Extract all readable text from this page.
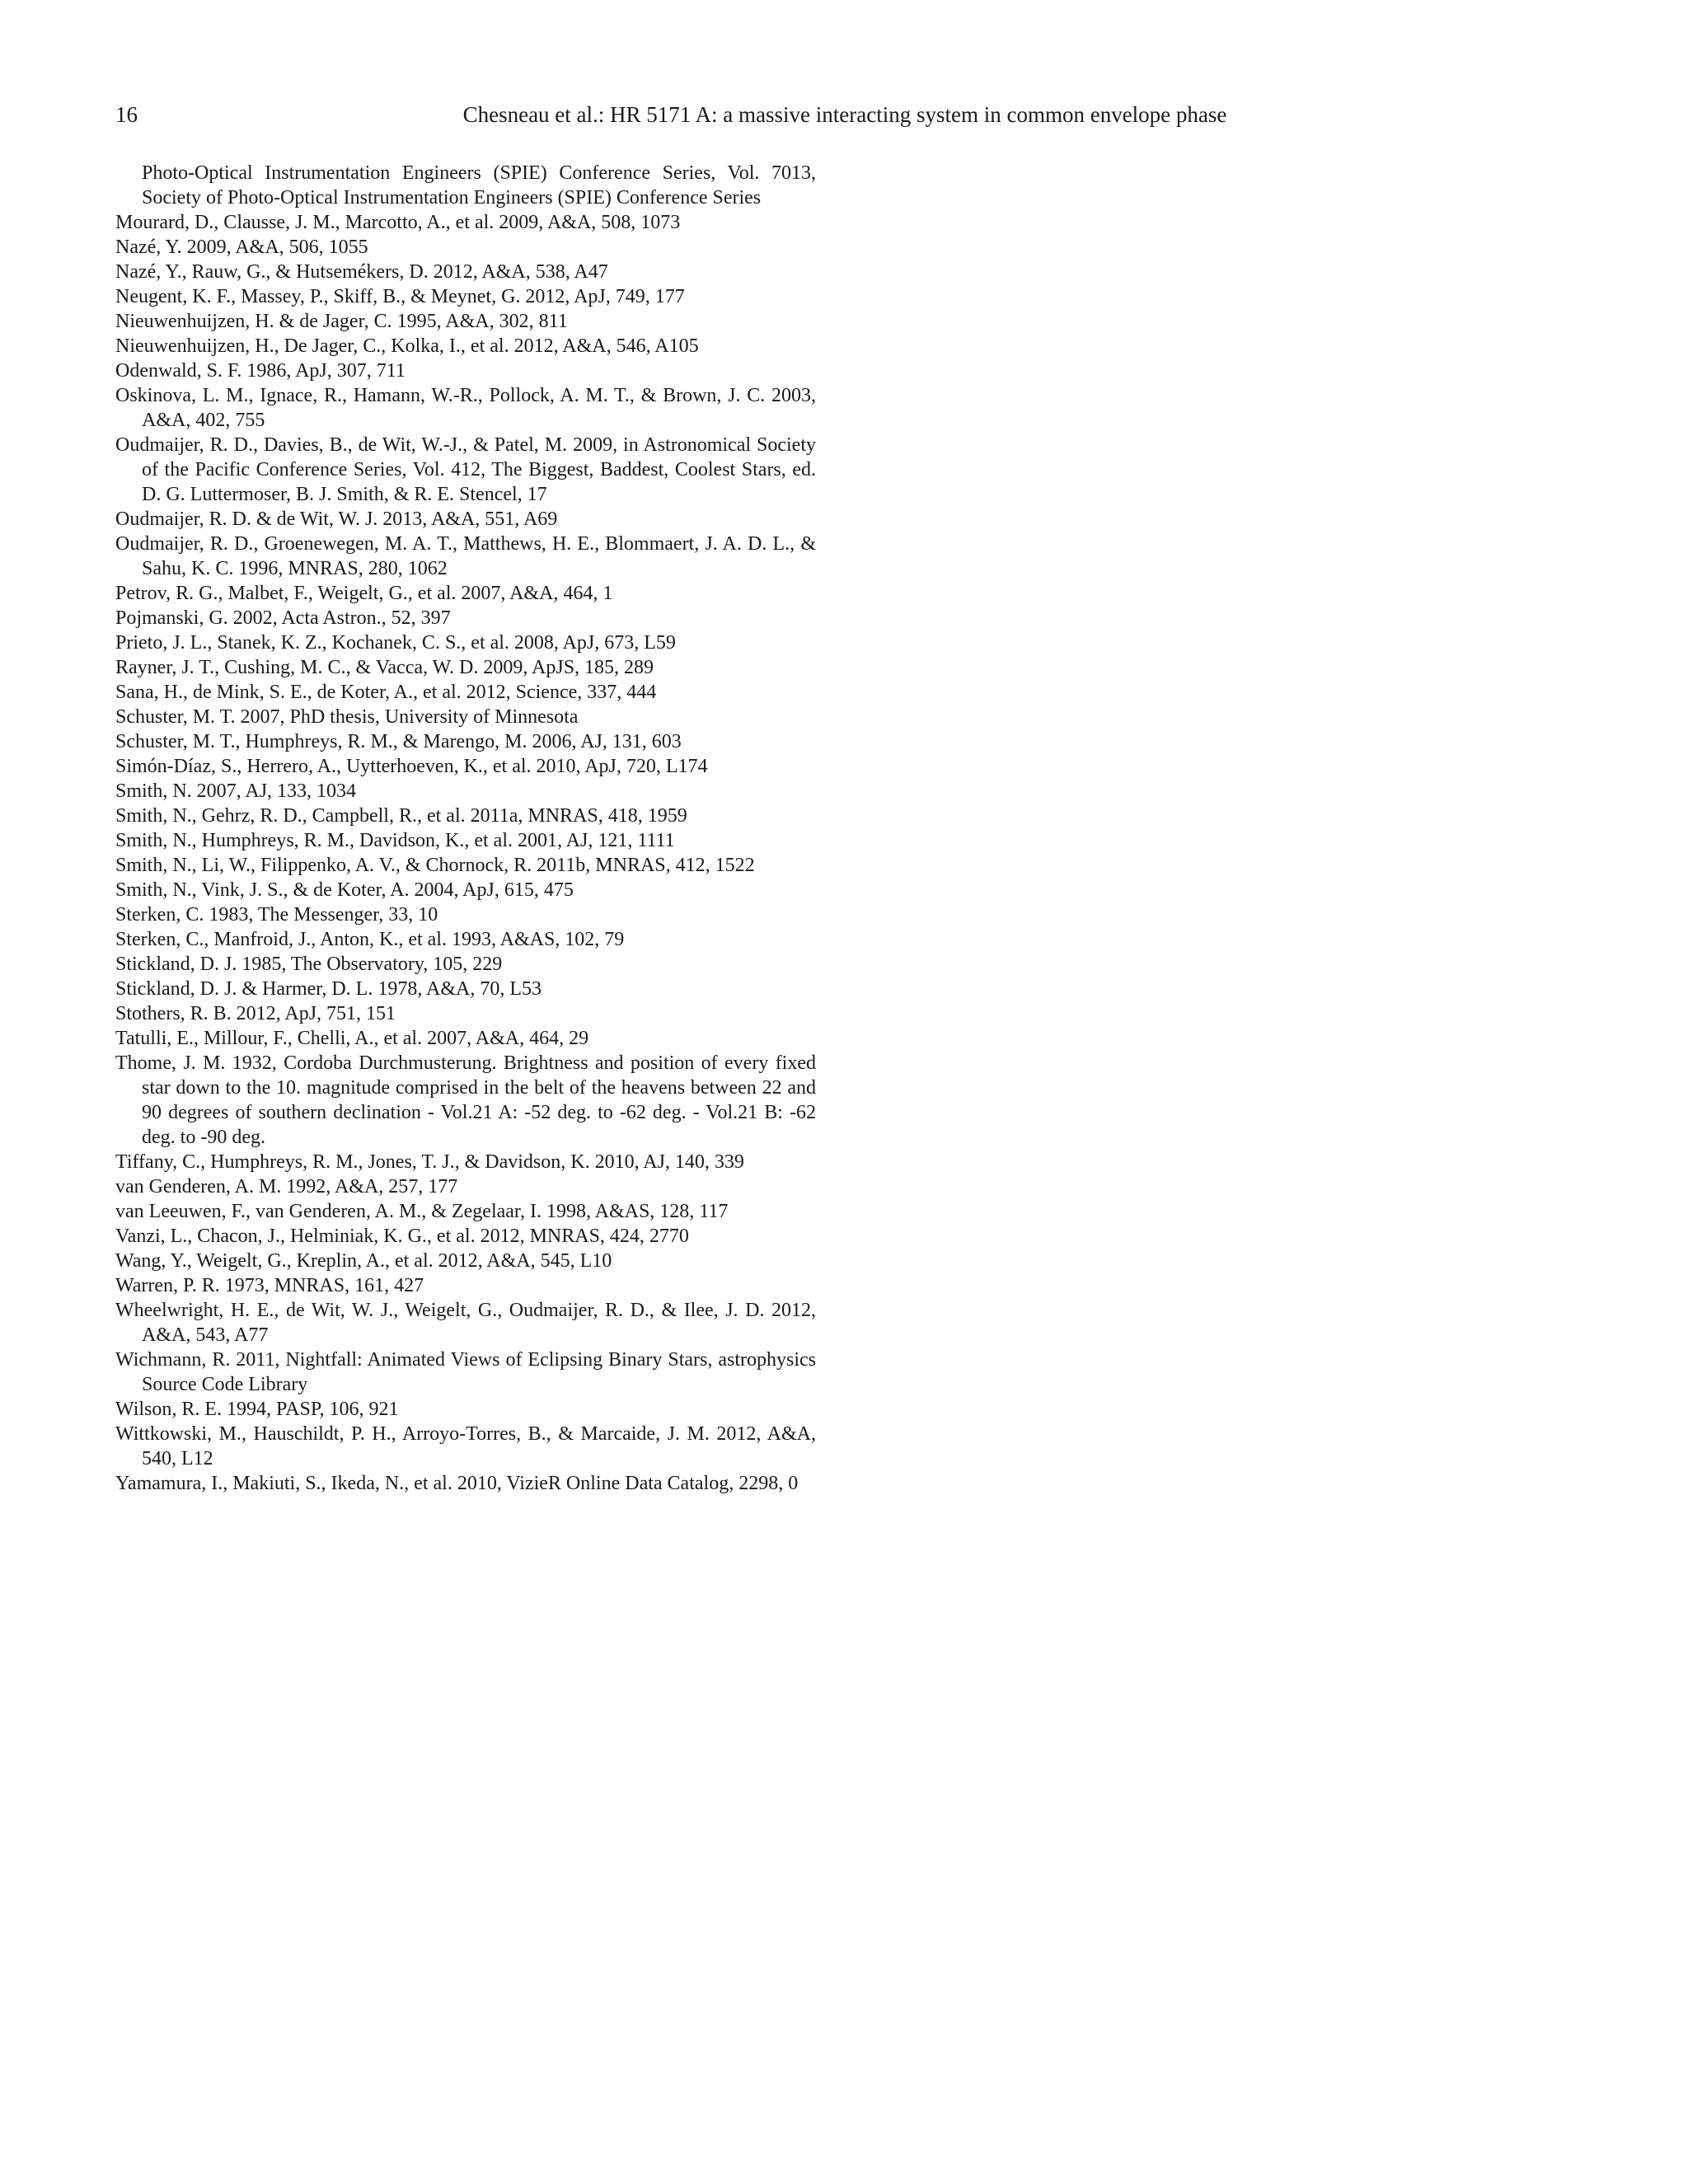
16	Chesneau et al.: HR 5171 A: a massive interacting system in common envelope phase
Photo-Optical Instrumentation Engineers (SPIE) Conference Series, Vol. 7013, Society of Photo-Optical Instrumentation Engineers (SPIE) Conference Series
Mourard, D., Clausse, J. M., Marcotto, A., et al. 2009, A&A, 508, 1073
Nazé, Y. 2009, A&A, 506, 1055
Nazé, Y., Rauw, G., & Hutsemékers, D. 2012, A&A, 538, A47
Neugent, K. F., Massey, P., Skiff, B., & Meynet, G. 2012, ApJ, 749, 177
Nieuwenhuijzen, H. & de Jager, C. 1995, A&A, 302, 811
Nieuwenhuijzen, H., De Jager, C., Kolka, I., et al. 2012, A&A, 546, A105
Odenwald, S. F. 1986, ApJ, 307, 711
Oskinova, L. M., Ignace, R., Hamann, W.-R., Pollock, A. M. T., & Brown, J. C. 2003, A&A, 402, 755
Oudmaijer, R. D., Davies, B., de Wit, W.-J., & Patel, M. 2009, in Astronomical Society of the Pacific Conference Series, Vol. 412, The Biggest, Baddest, Coolest Stars, ed. D. G. Luttermoser, B. J. Smith, & R. E. Stencel, 17
Oudmaijer, R. D. & de Wit, W. J. 2013, A&A, 551, A69
Oudmaijer, R. D., Groenewegen, M. A. T., Matthews, H. E., Blommaert, J. A. D. L., & Sahu, K. C. 1996, MNRAS, 280, 1062
Petrov, R. G., Malbet, F., Weigelt, G., et al. 2007, A&A, 464, 1
Pojmanski, G. 2002, Acta Astron., 52, 397
Prieto, J. L., Stanek, K. Z., Kochanek, C. S., et al. 2008, ApJ, 673, L59
Rayner, J. T., Cushing, M. C., & Vacca, W. D. 2009, ApJS, 185, 289
Sana, H., de Mink, S. E., de Koter, A., et al. 2012, Science, 337, 444
Schuster, M. T. 2007, PhD thesis, University of Minnesota
Schuster, M. T., Humphreys, R. M., & Marengo, M. 2006, AJ, 131, 603
Simón-Díaz, S., Herrero, A., Uytterhoeven, K., et al. 2010, ApJ, 720, L174
Smith, N. 2007, AJ, 133, 1034
Smith, N., Gehrz, R. D., Campbell, R., et al. 2011a, MNRAS, 418, 1959
Smith, N., Humphreys, R. M., Davidson, K., et al. 2001, AJ, 121, 1111
Smith, N., Li, W., Filippenko, A. V., & Chornock, R. 2011b, MNRAS, 412, 1522
Smith, N., Vink, J. S., & de Koter, A. 2004, ApJ, 615, 475
Sterken, C. 1983, The Messenger, 33, 10
Sterken, C., Manfroid, J., Anton, K., et al. 1993, A&AS, 102, 79
Stickland, D. J. 1985, The Observatory, 105, 229
Stickland, D. J. & Harmer, D. L. 1978, A&A, 70, L53
Stothers, R. B. 2012, ApJ, 751, 151
Tatulli, E., Millour, F., Chelli, A., et al. 2007, A&A, 464, 29
Thome, J. M. 1932, Cordoba Durchmusterung. Brightness and position of every fixed star down to the 10. magnitude comprised in the belt of the heavens between 22 and 90 degrees of southern declination - Vol.21 A: -52 deg. to -62 deg. - Vol.21 B: -62 deg. to -90 deg.
Tiffany, C., Humphreys, R. M., Jones, T. J., & Davidson, K. 2010, AJ, 140, 339
van Genderen, A. M. 1992, A&A, 257, 177
van Leeuwen, F., van Genderen, A. M., & Zegelaar, I. 1998, A&AS, 128, 117
Vanzi, L., Chacon, J., Helminiak, K. G., et al. 2012, MNRAS, 424, 2770
Wang, Y., Weigelt, G., Kreplin, A., et al. 2012, A&A, 545, L10
Warren, P. R. 1973, MNRAS, 161, 427
Wheelwright, H. E., de Wit, W. J., Weigelt, G., Oudmaijer, R. D., & Ilee, J. D. 2012, A&A, 543, A77
Wichmann, R. 2011, Nightfall: Animated Views of Eclipsing Binary Stars, astrophysics Source Code Library
Wilson, R. E. 1994, PASP, 106, 921
Wittkowski, M., Hauschildt, P. H., Arroyo-Torres, B., & Marcaide, J. M. 2012, A&A, 540, L12
Yamamura, I., Makiuti, S., Ikeda, N., et al. 2010, VizieR Online Data Catalog, 2298, 0
